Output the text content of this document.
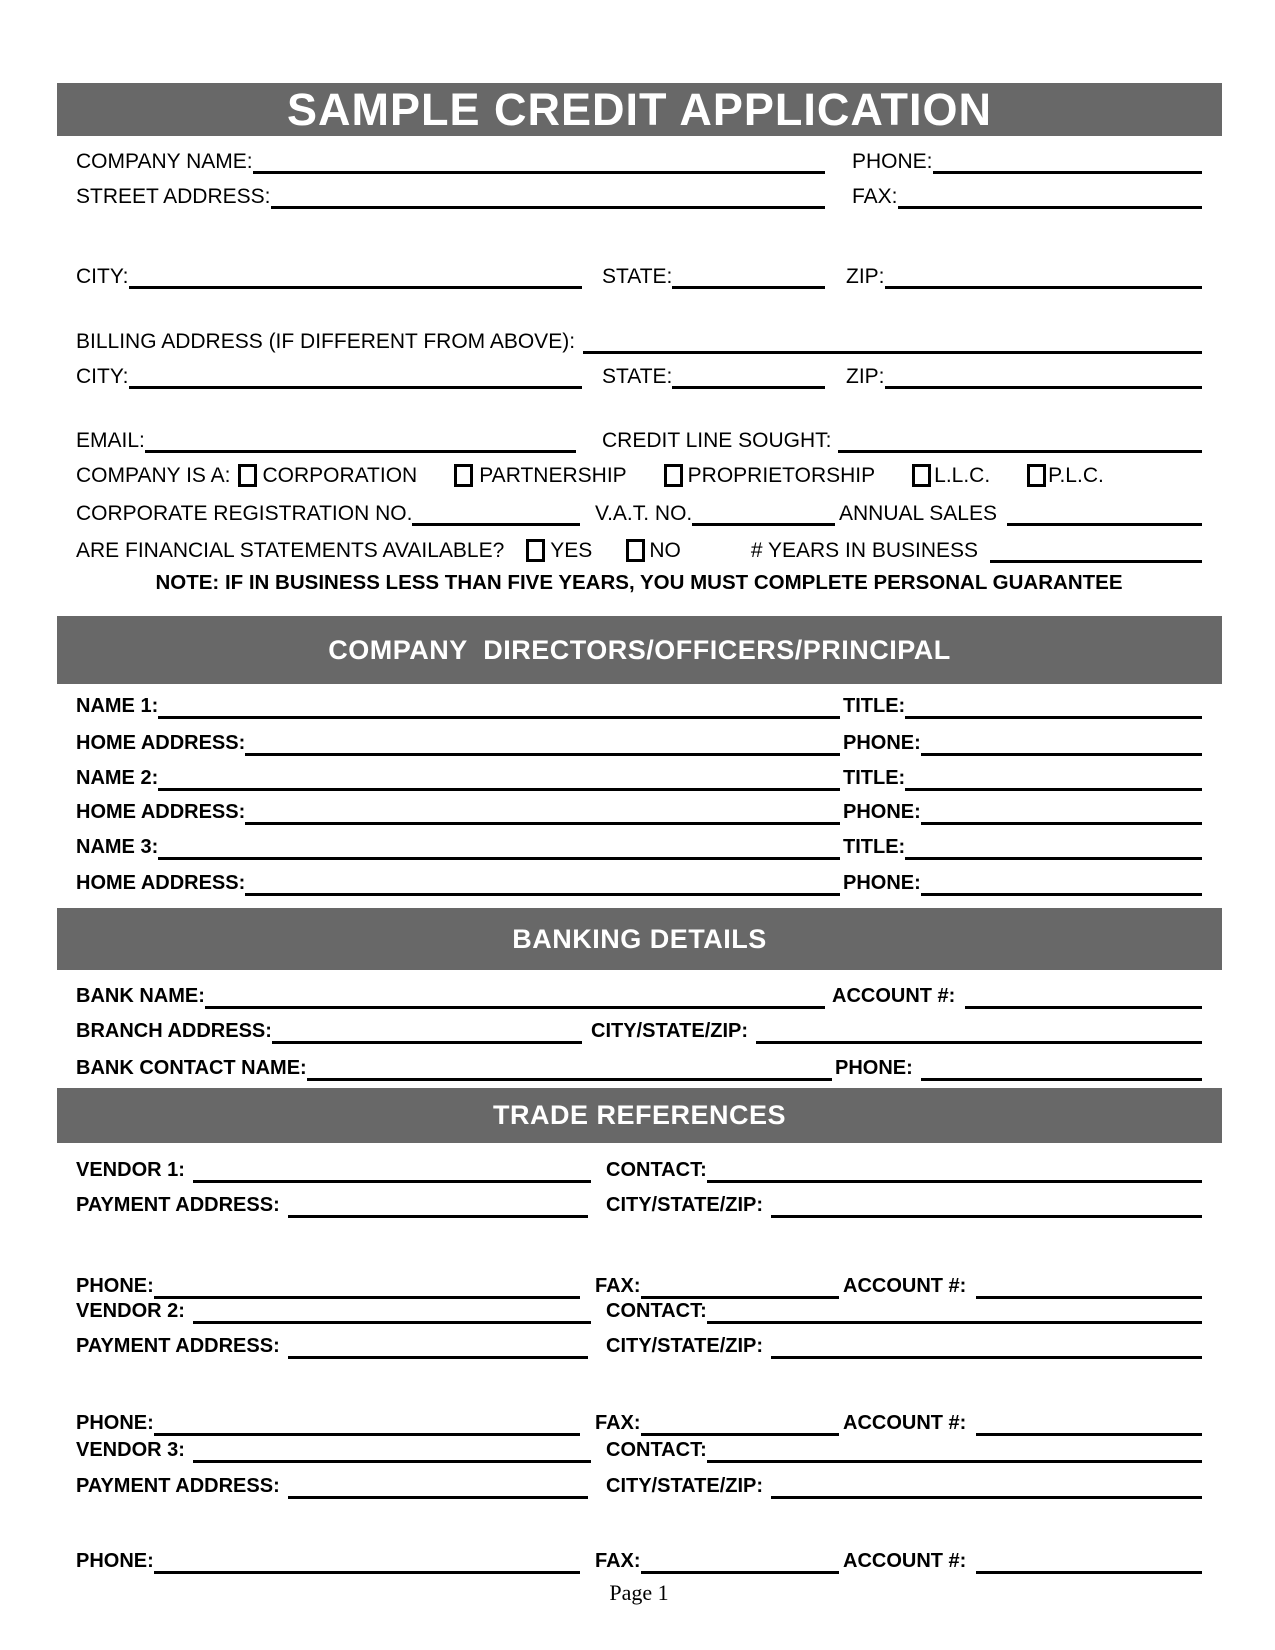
SAMPLE CREDIT APPLICATION
COMPANY NAME:	PHONE:
STREET ADDRESS:	FAX:
CITY:	STATE:	ZIP:
BILLING ADDRESS (IF DIFFERENT FROM ABOVE):
CITY:	STATE:	ZIP:
EMAIL:	CREDIT LINE SOUGHT:
COMPANY IS A: CORPORATION	PARTNERSHIP	PROPRIETORSHIP	L.L.C.	P.L.C.
CORPORATE REGISTRATION NO.	V.A.T. NO.	ANNUAL SALES
ARE FINANCIAL STATEMENTS AVAILABLE? YES	NO	# YEARS IN BUSINESS
NOTE: IF IN BUSINESS LESS THAN FIVE YEARS, YOU MUST COMPLETE PERSONAL GUARANTEE
COMPANY  DIRECTORS/OFFICERS/PRINCIPAL
NAME 1:	TITLE:
HOME ADDRESS:	PHONE:
NAME 2:	TITLE:
HOME ADDRESS:	PHONE:
NAME 3:	TITLE:
HOME ADDRESS:	PHONE:
BANKING DETAILS
BANK NAME:	ACCOUNT #:
BRANCH ADDRESS:	CITY/STATE/ZIP:
BANK CONTACT NAME:	PHONE:
TRADE REFERENCES
VENDOR 1:	CONTACT:
PAYMENT ADDRESS:	CITY/STATE/ZIP:
PHONE:	FAX:	ACCOUNT #:
VENDOR 2:	CONTACT:
PAYMENT ADDRESS:	CITY/STATE/ZIP:
PHONE:	FAX:	ACCOUNT #:
VENDOR 3:	CONTACT:
PAYMENT ADDRESS:	CITY/STATE/ZIP:
PHONE:	FAX:	ACCOUNT #:
Page 1
